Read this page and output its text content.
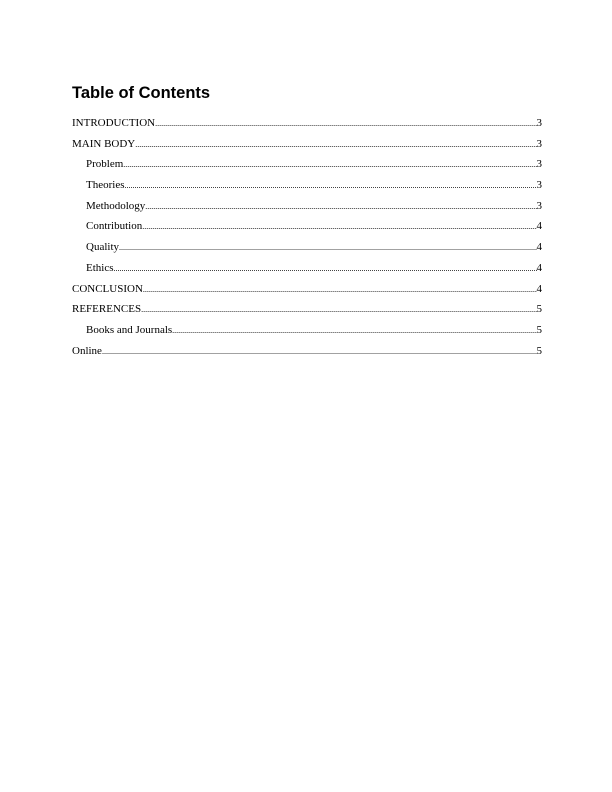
Table of Contents
INTRODUCTION .....	3
MAIN BODY .....	3
Problem .....	3
Theories .....	3
Methodology .....	3
Contribution .....	4
Quality .....	4
Ethics .....	4
CONCLUSION .....	4
REFERENCES .....	5
Books and Journals .....	5
Online .....	5
